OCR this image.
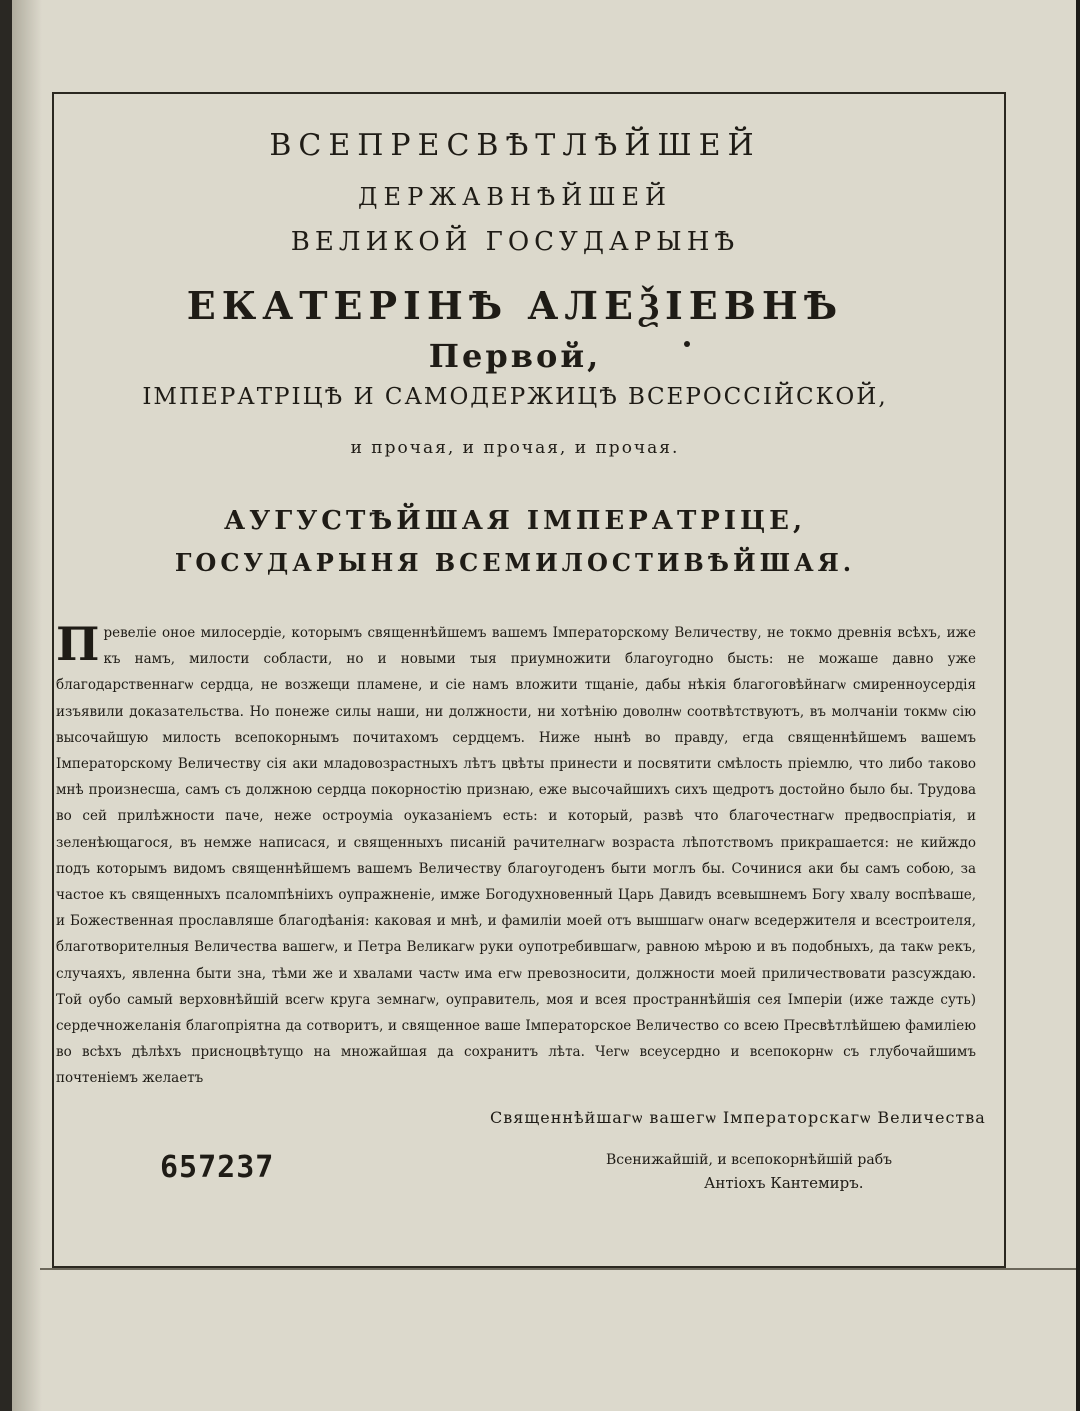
ВСЕПРЕСВѢТЛѢЙШЕЙ
ДЕРЖАВНѢЙШЕЙ
ВЕЛИКОЙ ГОСУДАРЫНѢ
ЕКАТЕРІНѢ АЛЕѮІЕВНѢ
Первой,
ІМПЕРАТРІЦѢ И САМОДЕРЖИЦѢ ВСЕРОССІЙСКОЙ,
и прочая, и прочая, и прочая.
АУГУСТѢЙШАЯ ІМПЕРАТРІЦЕ,
ГОСУДАРЫНЯ ВСЕМИЛОСТИВѢЙШАЯ.
Превеліе оное милосердіе, которымъ священнѣйшемъ вашемъ Імператорскому Величеству, не токмо древнія всѣхъ, иже къ намъ, милости собласти, но и новыми тыя приумножити благоугодно бысть: не можаше давно уже благодарственнагѡ сердца, не возжещи пламене, и сіе намъ вложити тщаніе, дабы нѣкія благоговѣйнагѡ смиренноусердія изъявили доказательства. Но понеже силы наши, ни должности, ни хотѣнію доволнѡ соотвѣтствуютъ, въ молчаніи токмѡ сію высочайшую милость всепокорнымъ почитахомъ сердцемъ. Ниже нынѣ во правду, егда священнѣйшемъ вашемъ Імператорскому Величеству сія аки младовозрастныхъ лѣтъ цвѣты принести и посвятити смѣлость пріемлю, что либо таково мнѣ произнесша, самъ съ должною сердца покорностію признаю, еже высочайшихъ сихъ щедротъ достойно было бы. Трудова во сей прилѣжности паче, неже остроуміа оуказаніемъ есть: и который, развѣ что благочестнагѡ предвоспріатія, и зеленѣющагося, въ немже написася, и священныхъ писаній рачителнагѡ возраста лѣпотствомъ прикрашается: не кийждо подъ которымъ видомъ священнѣйшемъ вашемъ Величеству благоугоденъ быти моглъ бы. Сочинися аки бы самъ собою, за частое къ священныхъ псаломпѣніихъ оупражненіе, имже Богодухновенный Царь Давидъ всевышнемъ Богу хвалу воспѣваше, и Божественная прославляше благодѣанія: каковая и мнѣ, и фамиліи моей отъ вышшагѡ онагѡ вседержителя и всестроителя, благотворителныя Величества вашегѡ, и Петра Великагѡ руки оупотребившагѡ, равною мѣрою и въ подобныхъ, да такѡ рекъ, случаяхъ, явленна быти зна, тѣми же и хвалами частѡ има егѡ превозносити, должности моей приличествовати разсуждаю. Той оубо самый верховнѣйшій всегѡ круга земнагѡ, оуправитель, моя и всея пространнѣйшія сея Імперіи (иже тажде суть) сердечножеланія благопріятна да сотворитъ, и священное ваше Імператорское Величество со всею Пресвѣтлѣйшею фамиліею во всѣхъ дѣлѣхъ присноцвѣтущо на множайшая да сохранитъ лѣта. Чегѡ всеусердно и всепокорнѡ съ глубочайшимъ почтеніемъ желаетъ
Священнѣйшагѡ вашегѡ Імператорскагѡ Величества
657237	Всенижайшій, и всепокорнѣйшій рабъ
Антіохъ Кантемиръ.
